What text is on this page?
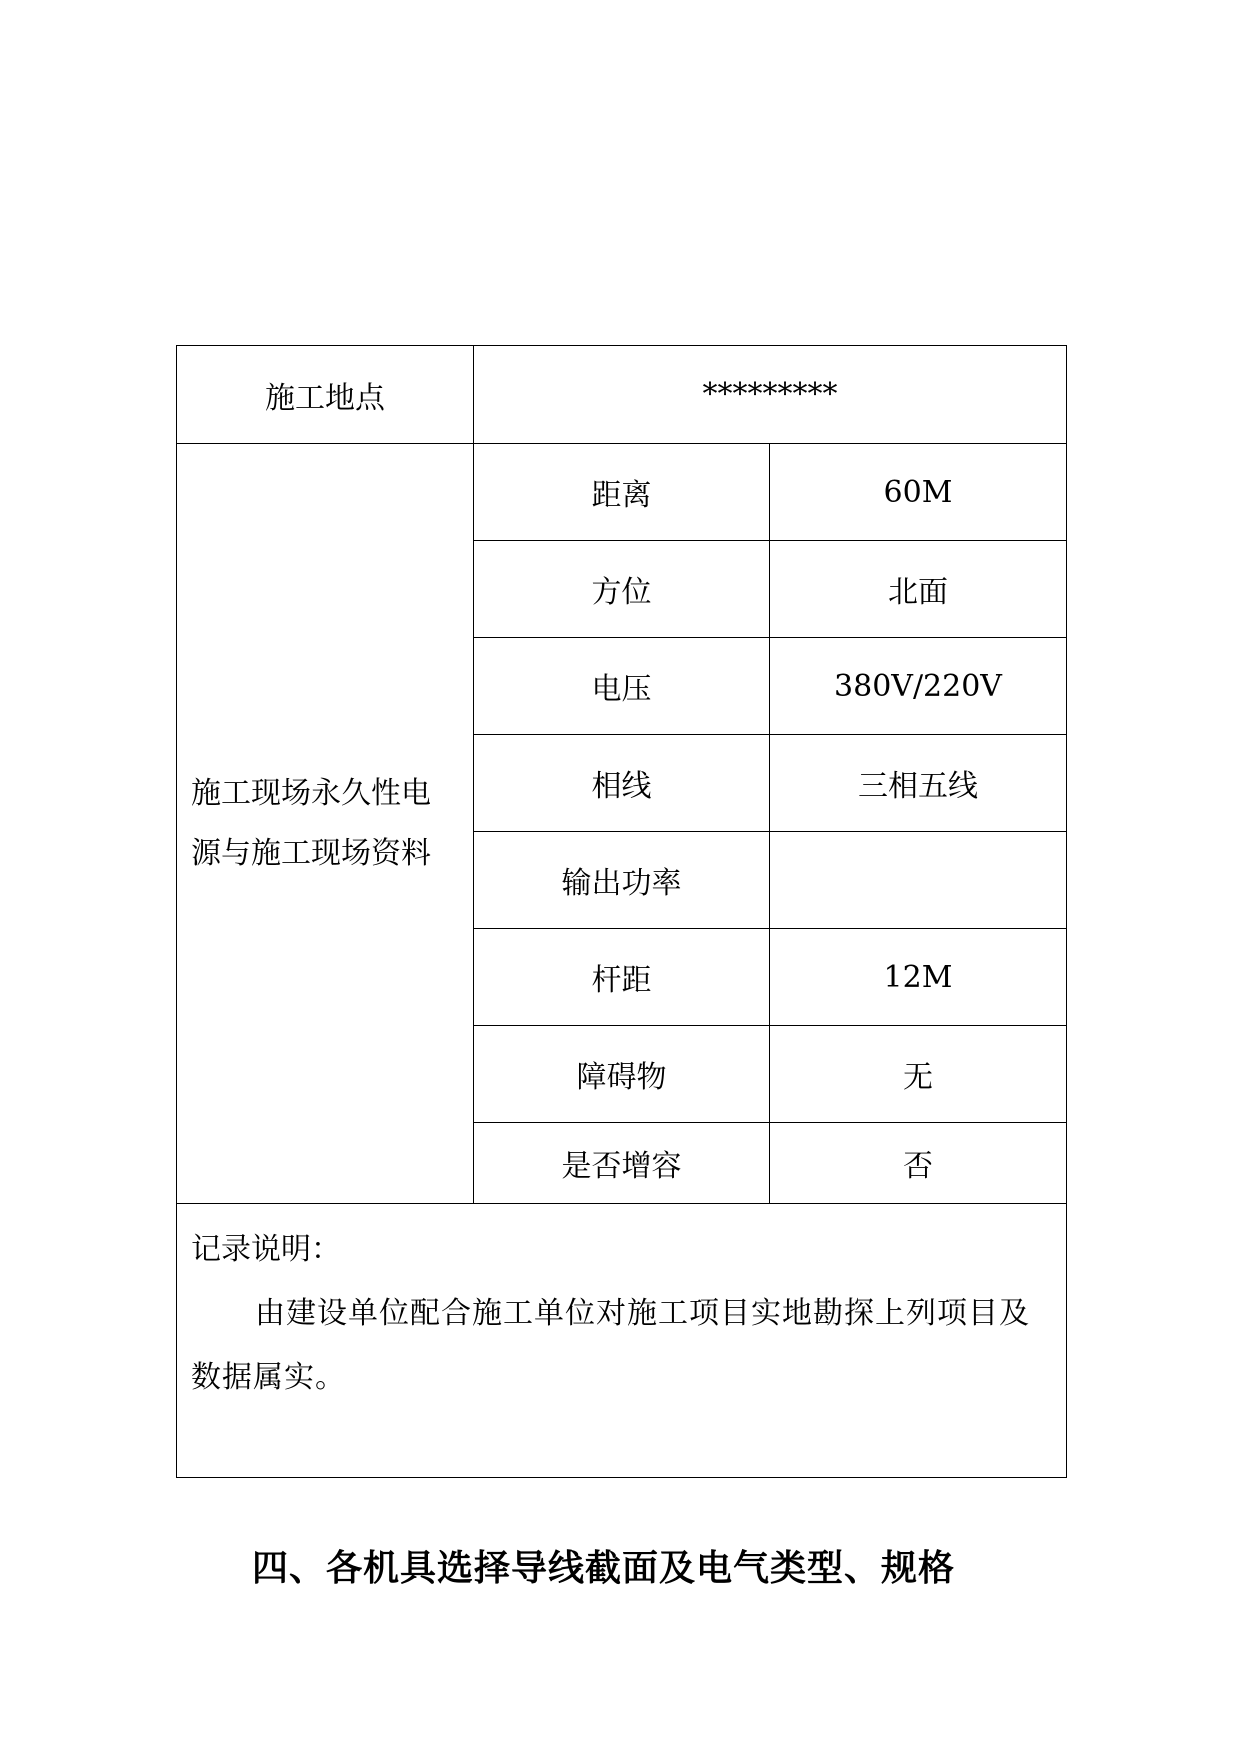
施工地点	*********	

施工现场永久性电
源与施工现场资料	距离	60M
	方位	北面
	电压	380V/220V
	相线	三相五线
	输出功率	
	杆距	12M
	障碍物	无
	是否增容	否

记录说明：
由建设单位配合施工单位对施工项目实地勘探上列项目及数据属实。		
四、各机具选择导线截面及电气类型、规格
